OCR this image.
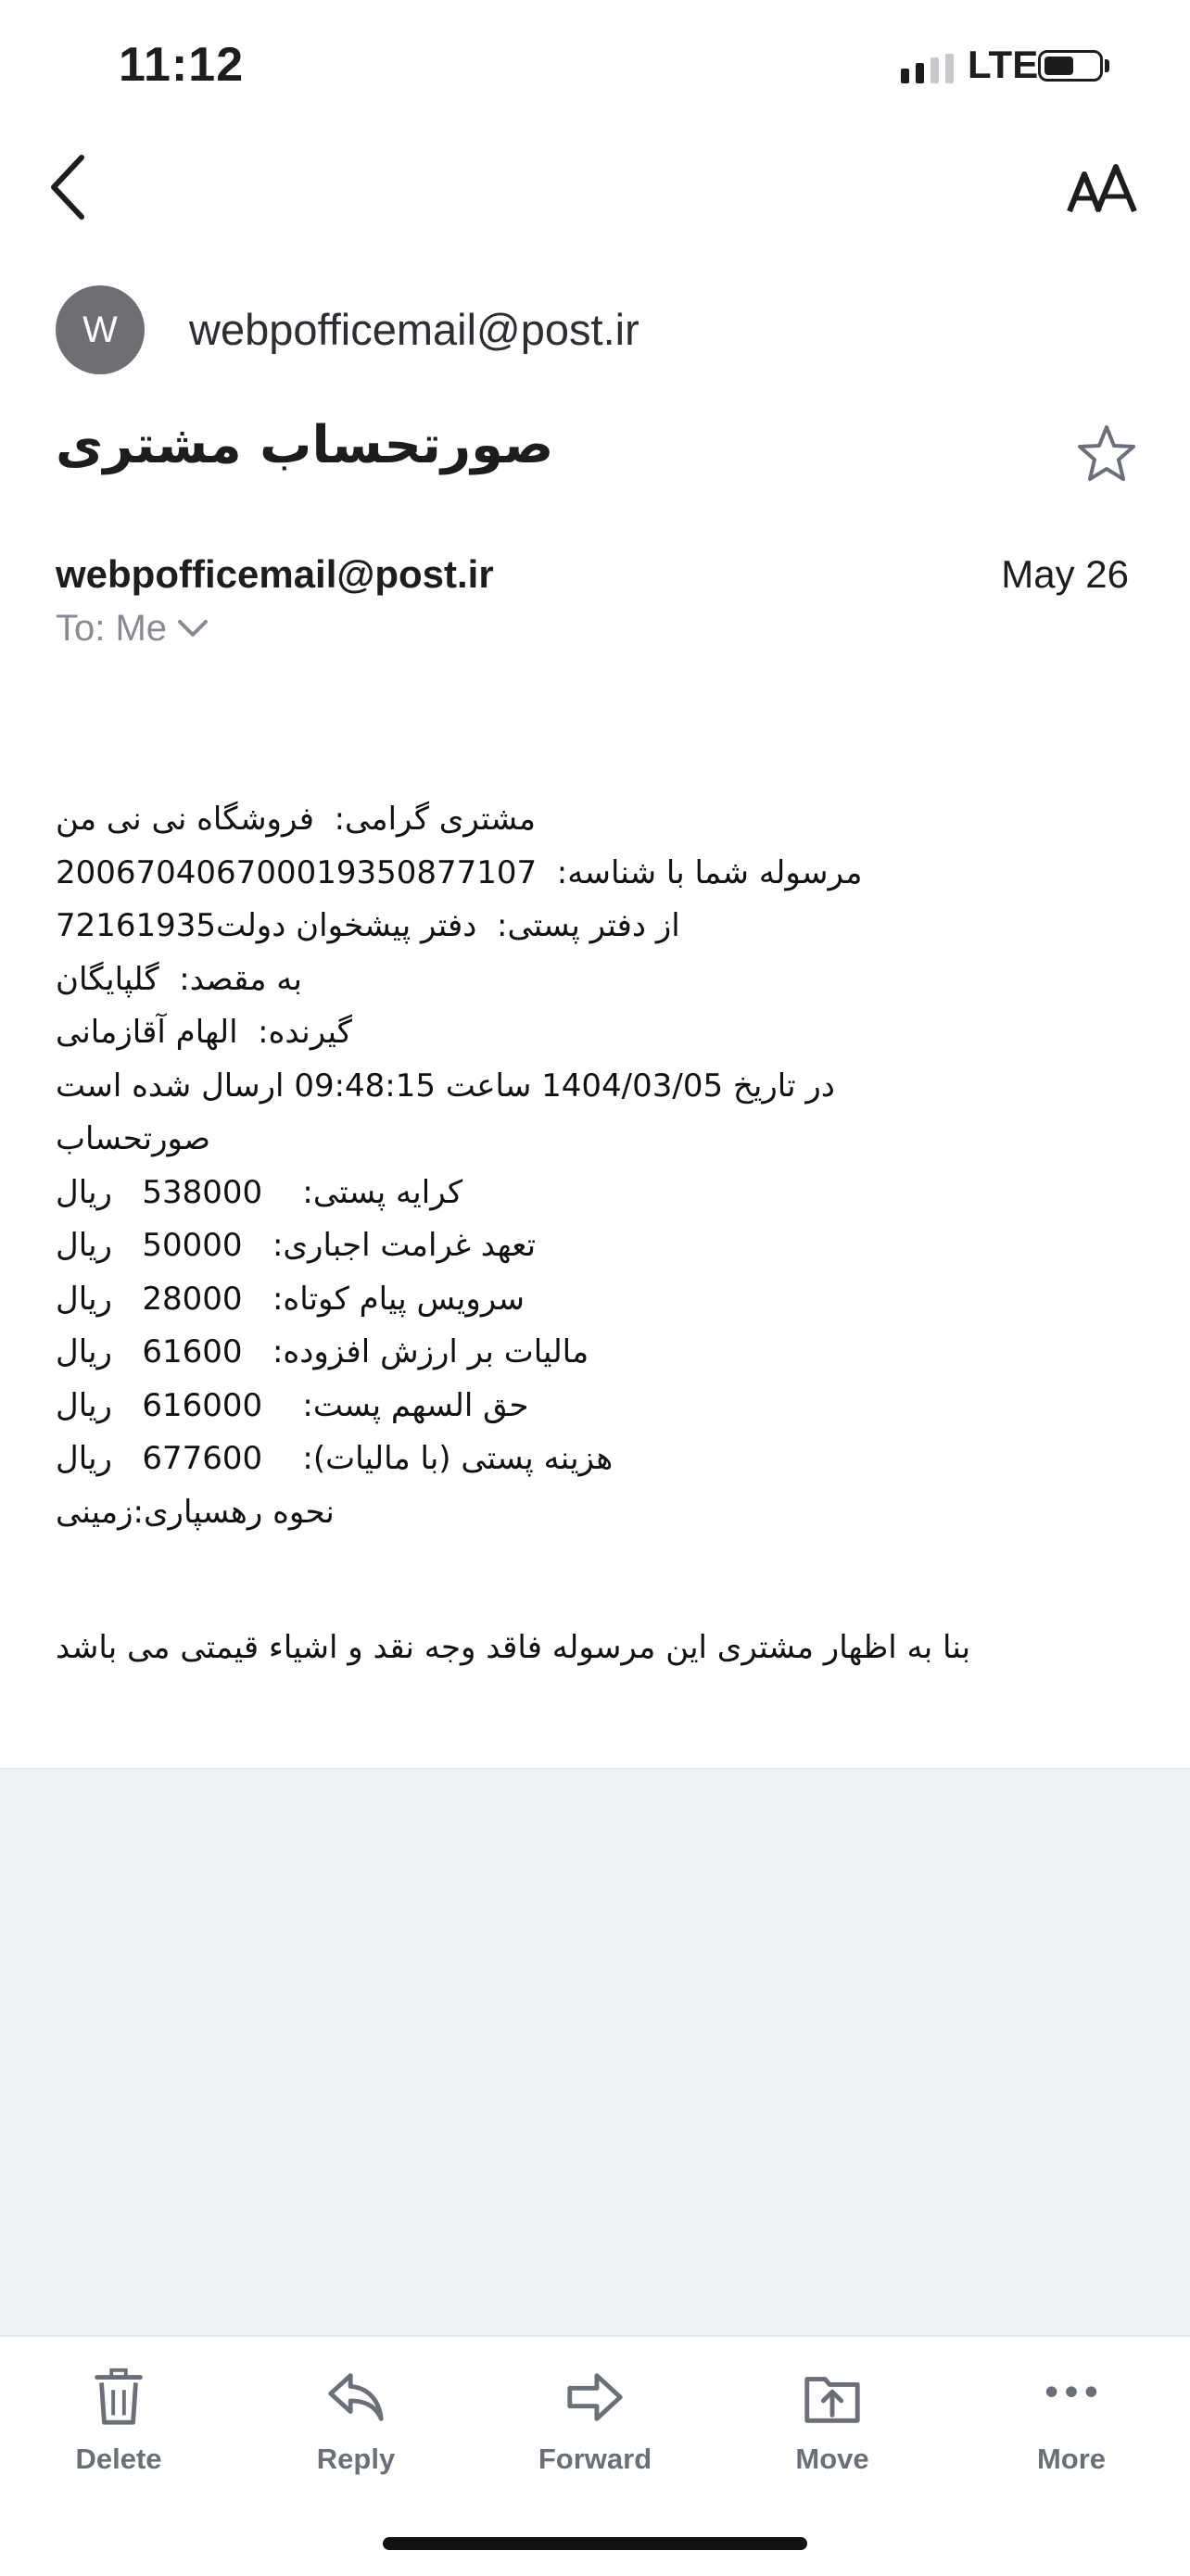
11:12	LTE
W	webpofficemail@post.ir
صورتحساب مشتری
webpofficemail@post.ir	May 26
To: Me
مشتری گرامی:  فروشگاه نی نی من
مرسوله شما با شناسه:  200670406700019350877107
از دفتر پستی:  دفتر پیشخوان دولت72161935
به مقصد:  گلپایگان
گیرنده:  الهام آقازمانی
در تاریخ 1404/03/05 ساعت 09:48:15 ارسال شده است
صورتحساب
کرایه پستی:    538000   ریال
تعهد غرامت اجباری:   50000   ریال
سرویس پیام کوتاه:   28000   ریال
مالیات بر ارزش افزوده:   61600   ریال
حق السهم پست:    616000   ریال
هزینه پستی (با مالیات):    677600   ریال
نحوه رهسپاری:زمینی
بنا به اظهار مشتری این مرسوله فاقد وجه نقد و اشیاء قیمتی می باشد
Delete	Reply	Forward	Move	More
